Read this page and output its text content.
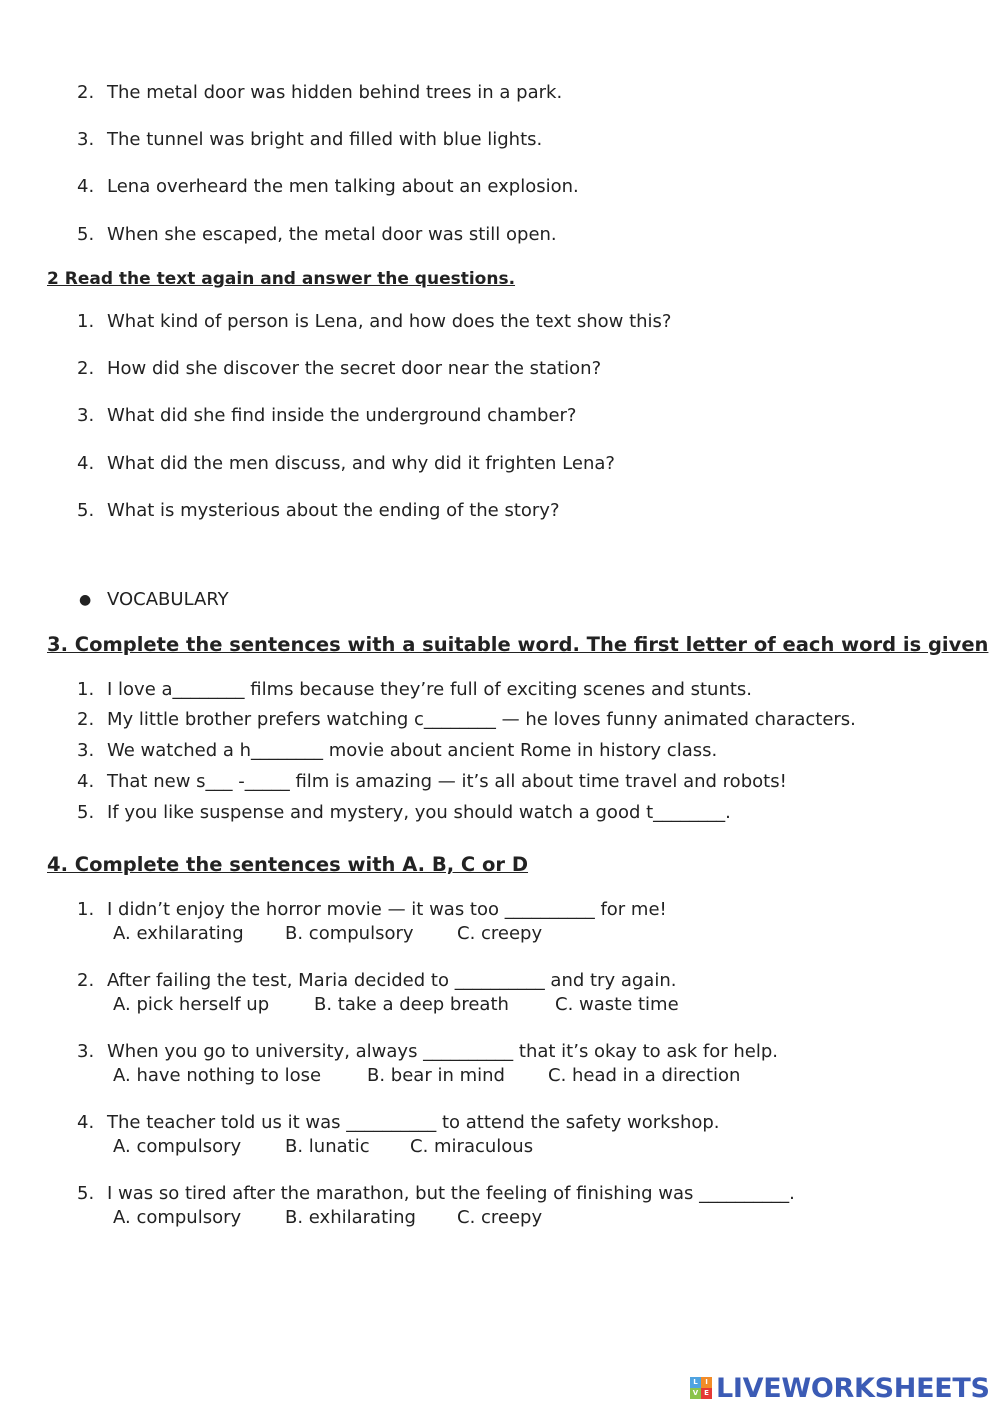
2. The metal door was hidden behind trees in a park.
3. The tunnel was bright and filled with blue lights.
4. Lena overheard the men talking about an explosion.
5. When she escaped, the metal door was still open.
2 Read the text again and answer the questions.
1. What kind of person is Lena, and how does the text show this?
2. How did she discover the secret door near the station?
3. What did she find inside the underground chamber?
4. What did the men discuss, and why did it frighten Lena?
5. What is mysterious about the ending of the story?
● VOCABULARY
3. Complete the sentences with a suitable word. The first letter of each word is given
1. I love a________ films because they’re full of exciting scenes and stunts.
2. My little brother prefers watching c________ — he loves funny animated characters.
3. We watched a h________ movie about ancient Rome in history class.
4. That new s___ -_____ film is amazing — it’s all about time travel and robots!
5. If you like suspense and mystery, you should watch a good t________.
4. Complete the sentences with A. B, C or D
1. I didn’t enjoy the horror movie — it was too __________ for me!
A. exhilarating B. compulsory C. creepy
2. After failing the test, Maria decided to __________ and try again.
A. pick herself up B. take a deep breath	C. waste time
3. When you go to university, always __________ that it’s okay to ask for help.
A. have nothing to lose	B. bear in mind C. head in a direction
4. The teacher told us it was __________ to attend the safety workshop.
A. compulsory B. lunatic C. miraculous
5. I was so tired after the marathon, but the feeling of finishing was __________.
A. compulsory B. exhilarating C. creepy
L	I
V E LIVEWORKSHEETS
